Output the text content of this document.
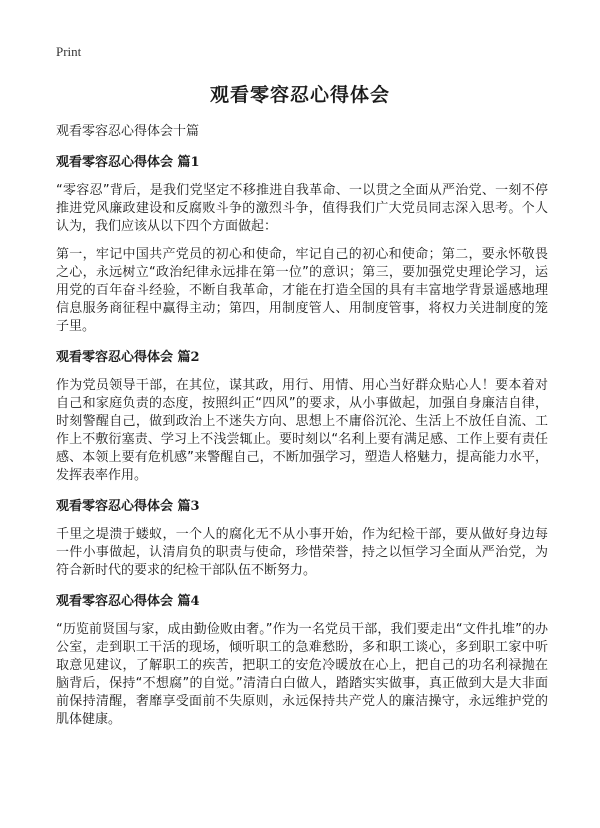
Print
观看零容忍心得体会

观看零容忍心得体会十篇

观看零容忍心得体会 篇1

“零容忍”背后，是我们党坚定不移推进自我革命、一以贯之全面从严治党、一刻不停推进党风廉政建设和反腐败斗争的激烈斗争，值得我们广大党员同志深入思考。个人认为，我们应该从以下四个方面做起：

第一，牢记中国共产党员的初心和使命，牢记自己的初心和使命；第二，要永怀敬畏之心，永远树立“政治纪律永远排在第一位”的意识；第三，要加强党史理论学习，运用党的百年奋斗经验，不断自我革命，才能在打造全国的具有丰富地学背景遥感地理信息服务商征程中赢得主动；第四，用制度管人、用制度管事，将权力关进制度的笼子里。

观看零容忍心得体会 篇2

作为党员领导干部，在其位，谋其政，用行、用情、用心当好群众贴心人！要本着对自己和家庭负责的态度，按照纠正“四风”的要求，从小事做起，加强自身廉洁自律，时刻警醒自己，做到政治上不迷失方向、思想上不庸俗沉沦、生活上不放任自流、工作上不敷衍塞责、学习上不浅尝辄止。要时刻以“名利上要有满足感、工作上要有责任感、本领上要有危机感”来警醒自己，不断加强学习，塑造人格魅力，提高能力水平，发挥表率作用。

观看零容忍心得体会 篇3

千里之堤溃于蝼蚁，一个人的腐化无不从小事开始，作为纪检干部，要从做好身边每一件小事做起，认清肩负的职责与使命，珍惜荣誉，持之以恒学习全面从严治党，为符合新时代的要求的纪检干部队伍不断努力。

观看零容忍心得体会 篇4

“历览前贤国与家，成由勤俭败由奢。”作为一名党员干部，我们要走出“文件扎堆”的办公室，走到职工干活的现场，倾听职工的急难愁盼，多和职工谈心，多到职工家中听取意见建议，了解职工的疾苦，把职工的安危冷暖放在心上，把自己的功名利禄抛在脑背后，保持“不想腐”的自觉。”清清白白做人，踏踏实实做事，真正做到大是大非面前保持清醒，奢靡享受面前不失原则，永远保持共产党人的廉洁操守，永远维护党的肌体健康。
